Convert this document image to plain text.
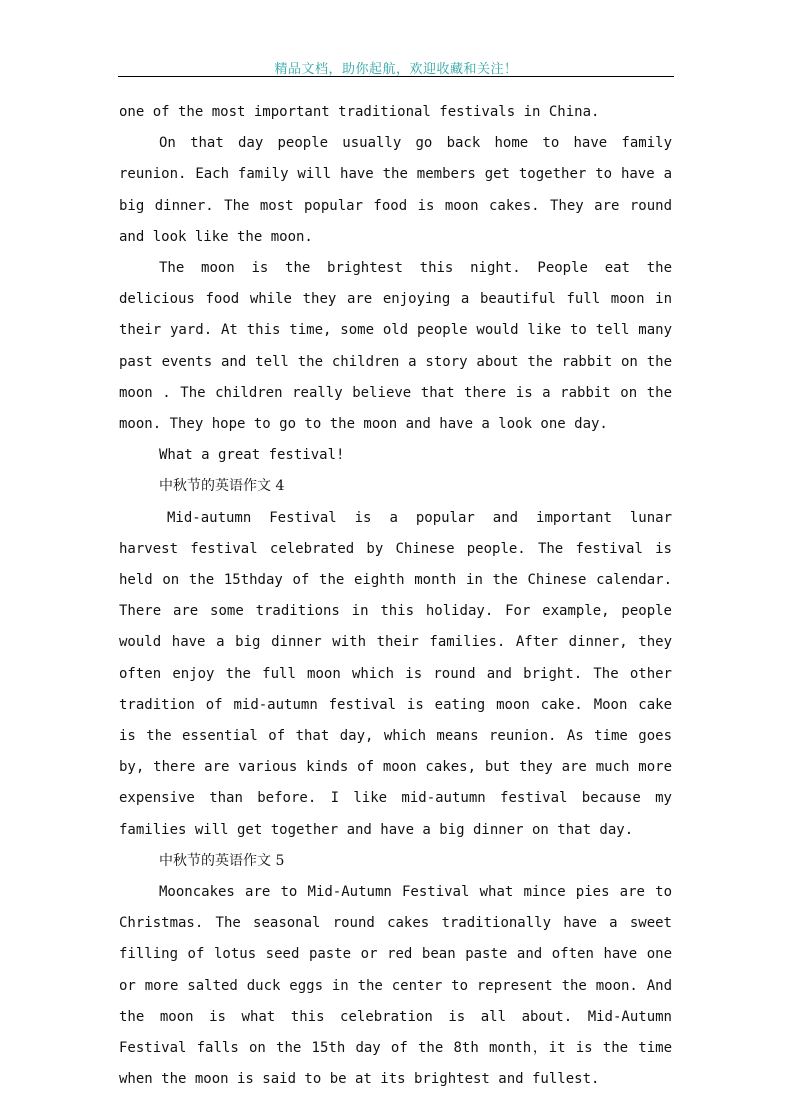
精品文档，助你起航，欢迎收藏和关注！

one of the most important traditional festivals in China.

On that day people usually go back home to have family reunion. Each family will have the members get together to have a big dinner. The most popular food is moon cakes. They are round and look like the moon.

The moon is the brightest this night. People eat the delicious food while they are enjoying a beautiful full moon in their yard. At this time, some old people would like to tell many past events and tell the children a story about the rabbit on the moon . The children really believe that there is a rabbit on the moon. They hope to go to the moon and have a look one day.

What a great festival!

中秋节的英语作文 4

Mid-autumn Festival is a popular and important lunar harvest festival celebrated by Chinese people. The festival is held on the 15thday of the eighth month in the Chinese calendar. There are some traditions in this holiday. For example, people would have a big dinner with their families. After dinner, they often enjoy the full moon which is round and bright. The other tradition of mid-autumn festival is eating moon cake. Moon cake is the essential of that day, which means reunion. As time goes by, there are various kinds of moon cakes, but they are much more expensive than before. I like mid-autumn festival because my families will get together and have a big dinner on that day.

中秋节的英语作文 5

Mooncakes are to Mid-Autumn Festival what mince pies are to Christmas. The seasonal round cakes traditionally have a sweet filling of lotus seed paste or red bean paste and often have one or more salted duck eggs in the center to represent the moon. And the moon is what this celebration is all about. Mid-Autumn Festival falls on the 15th day of the 8th month，it is the time when the moon is said to be at its brightest and fullest.
